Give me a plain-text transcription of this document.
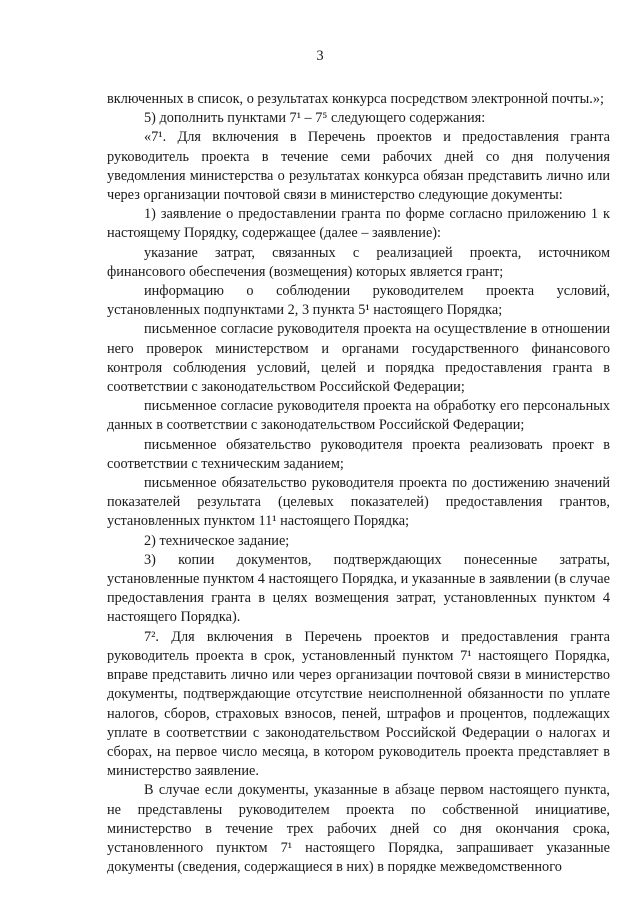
3

включенных в список, о результатах конкурса посредством электронной почты.»;

5) дополнить пунктами 7¹ – 7⁵ следующего содержания:

«7¹. Для включения в Перечень проектов и предоставления гранта руководитель проекта в течение семи рабочих дней со дня получения уведомления министерства о результатах конкурса обязан представить лично или через организации почтовой связи в министерство следующие документы:

1) заявление о предоставлении гранта по форме согласно приложению 1 к настоящему Порядку, содержащее (далее – заявление):

указание затрат, связанных с реализацией проекта, источником финансового обеспечения (возмещения) которых является грант;

информацию о соблюдении руководителем проекта условий, установленных подпунктами 2, 3 пункта 5¹ настоящего Порядка;

письменное согласие руководителя проекта на осуществление в отношении него проверок министерством и органами государственного финансового контроля соблюдения условий, целей и порядка предоставления гранта в соответствии с законодательством Российской Федерации;

письменное согласие руководителя проекта на обработку его персональных данных в соответствии с законодательством Российской Федерации;

письменное обязательство руководителя проекта реализовать проект в соответствии с техническим заданием;

письменное обязательство руководителя проекта по достижению значений показателей результата (целевых показателей) предоставления грантов, установленных пунктом 11¹ настоящего Порядка;

2) техническое задание;

3) копии документов, подтверждающих понесенные затраты, установленные пунктом 4 настоящего Порядка, и указанные в заявлении (в случае предоставления гранта в целях возмещения затрат, установленных пунктом 4 настоящего Порядка).

7². Для включения в Перечень проектов и предоставления гранта руководитель проекта в срок, установленный пунктом 7¹ настоящего Порядка, вправе представить лично или через организации почтовой связи в министерство документы, подтверждающие отсутствие неисполненной обязанности по уплате налогов, сборов, страховых взносов, пеней, штрафов и процентов, подлежащих уплате в соответствии с законодательством Российской Федерации о налогах и сборах, на первое число месяца, в котором руководитель проекта представляет в министерство заявление.

В случае если документы, указанные в абзаце первом настоящего пункта, не представлены руководителем проекта по собственной инициативе, министерство в течение трех рабочих дней со дня окончания срока, установленного пунктом 7¹ настоящего Порядка, запрашивает указанные документы (сведения, содержащиеся в них) в порядке межведомственного
